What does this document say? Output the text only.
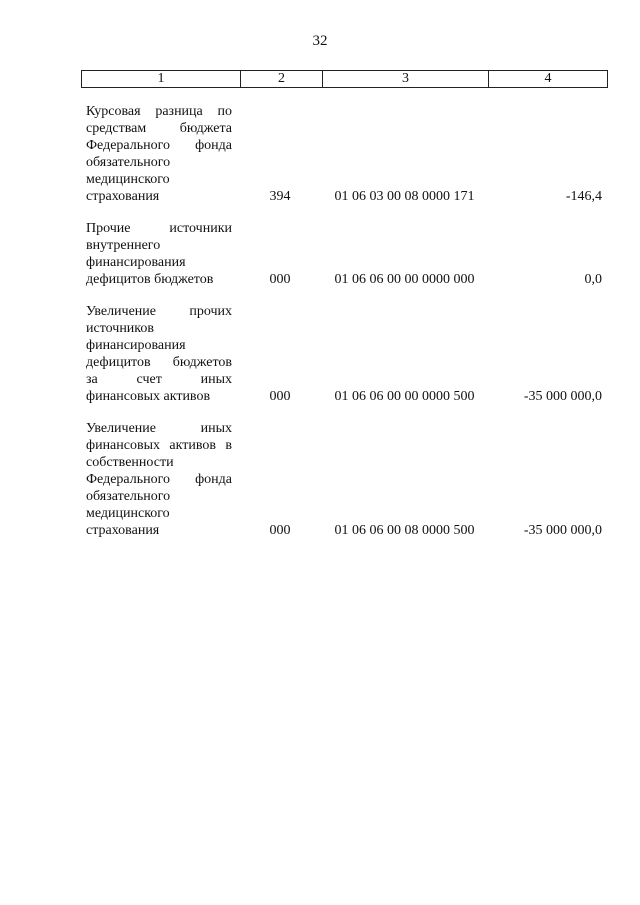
32
1	2	3	4
Курсовая разница по
средствам бюджета
Федерального фонда
обязательного
медицинского
страхования	394	01 06 03 00 08 0000 171	-146,4
Прочие источники
внутреннего
финансирования
дефицитов бюджетов	000	01 06 06 00 00 0000 000	0,0
Увеличение прочих
источников
финансирования
дефицитов бюджетов
за счет иных
финансовых активов	000	01 06 06 00 00 0000 500	-35 000 000,0
Увеличение иных
финансовых активов в
собственности
Федерального фонда
обязательного
медицинского
страхования	000	01 06 06 00 08 0000 500	-35 000 000,0
